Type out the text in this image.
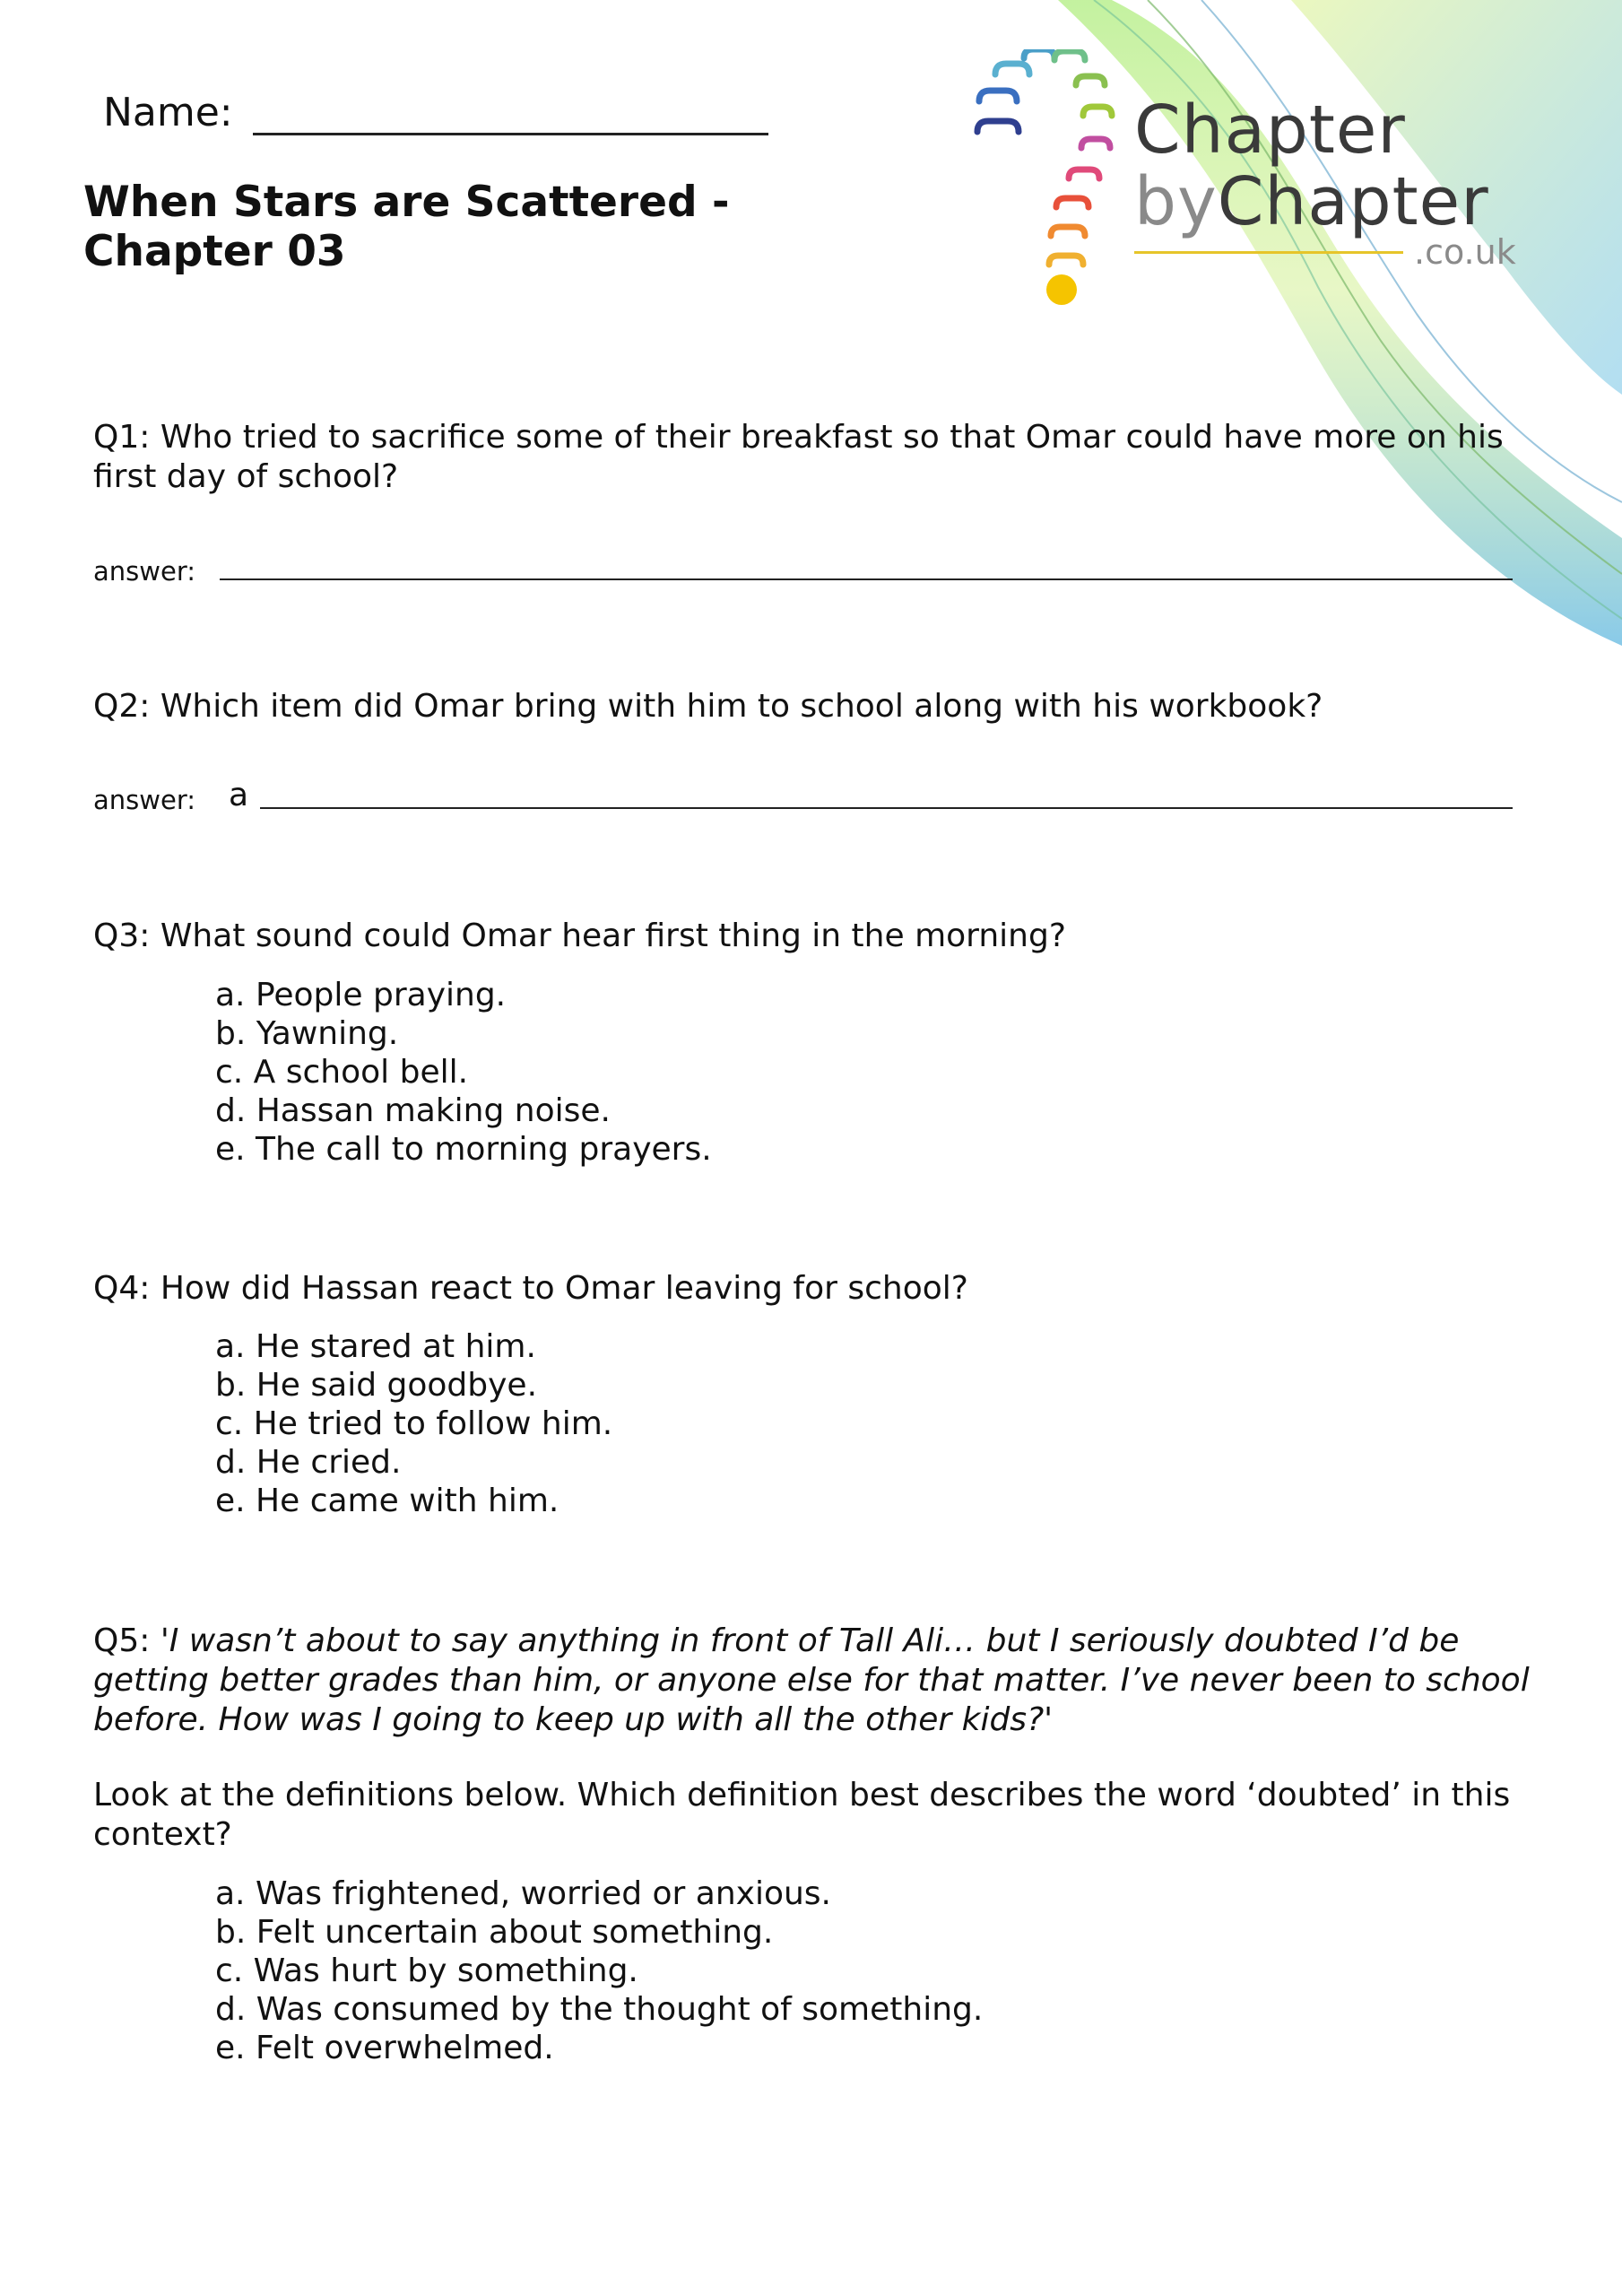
Name:
When Stars are Scattered - Chapter 03
Chapter
byChapter
.co.uk
Q1: Who tried to sacrifice some of their breakfast so that Omar could have more on his first day of school?
answer:
Q2: Which item did Omar bring with him to school along with his workbook?
answer: a
Q3: What sound could Omar hear first thing in the morning?
a. People praying.
b. Yawning.
c. A school bell.
d. Hassan making noise.
e. The call to morning prayers.
Q4: How did Hassan react to Omar leaving for school?
a. He stared at him.
b. He said goodbye.
c. He tried to follow him.
d. He cried.
e. He came with him.
Q5: 'I wasn’t about to say anything in front of Tall Ali… but I seriously doubted I’d be getting better grades than him, or anyone else for that matter. I’ve never been to school before. How was I going to keep up with all the other kids?'
Look at the definitions below. Which definition best describes the word ‘doubted’ in this context?
a. Was frightened, worried or anxious.
b. Felt uncertain about something.
c. Was hurt by something.
d. Was consumed by the thought of something.
e. Felt overwhelmed.
